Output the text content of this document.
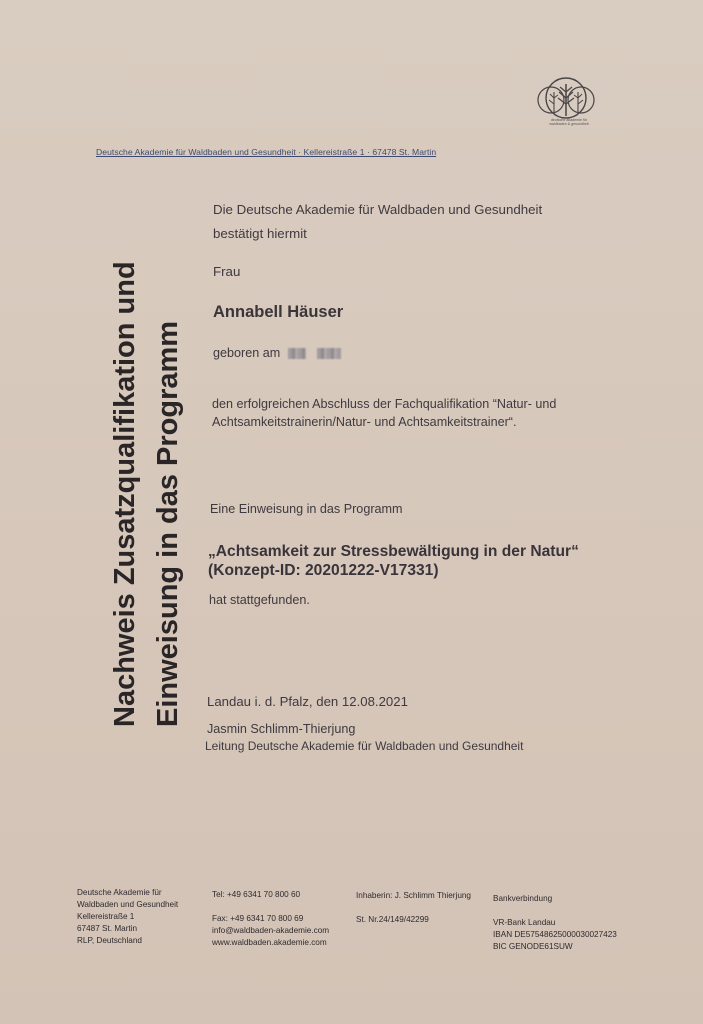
deutsche akademie für waldbaden & gesundheit
Deutsche Akademie für Waldbaden und Gesundheit · Kellereistraße 1 · 67478 St. Martin
Nachweis Zusatzqualifikation und Einweisung in das Programm
Die Deutsche Akademie für Waldbaden und Gesundheit
bestätigt hiermit
Frau
Annabell Häuser
geboren am
den erfolgreichen Abschluss der Fachqualifikation “Natur- und
Achtsamkeitstrainerin/Natur- und Achtsamkeitstrainer“.
Eine Einweisung in das Programm
„Achtsamkeit zur Stressbewältigung in der Natur“
(Konzept-ID: 20201222-V17331)
hat stattgefunden.
Landau i. d. Pfalz, den 12.08.2021
Jasmin Schlimm-Thierjung
Leitung Deutsche Akademie für Waldbaden und Gesundheit
Deutsche Akademie für
Waldbaden und Gesundheit
Kellereistraße 1
67487 St. Martin
RLP, Deutschland
Tel: +49 6341 70 800 60
Fax: +49 6341 70 800 69
info@waldbaden-akademie.com
www.waldbaden.akademie.com
Inhaberin: J. Schlimm Thierjung
St. Nr.24/149/42299
Bankverbindung
VR-Bank Landau
IBAN DE57548625000030027423
BIC GENODE61SUW
